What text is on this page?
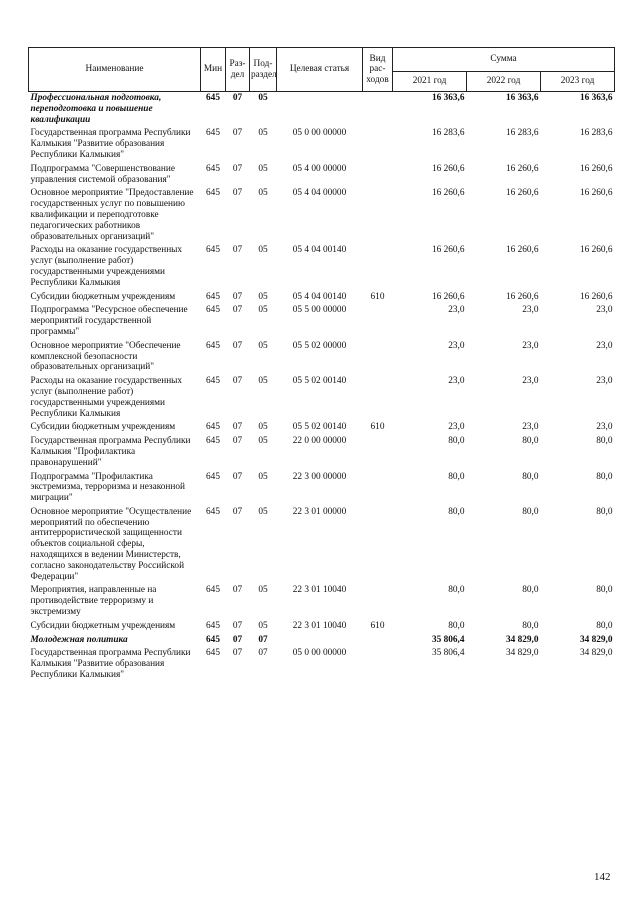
Наименование	Мин	Раз-дел	Под-раздел	Целевая статья	Вид рас-ходов	Сумма		
						2021 год	2022 год	2023 год
Профессиональная подготовка, переподготовка и повышение квалификации	645	07	05			16 363,6	16 363,6	16 363,6
Государственная программа Республики Калмыкия "Развитие образования Республики Калмыкия"	645	07	05	05 0 00 00000		16 283,6	16 283,6	16 283,6
Подпрограмма "Совершенствование управления системой образования"	645	07	05	05 4 00 00000		16 260,6	16 260,6	16 260,6
Основное мероприятие "Предоставление государственных услуг по повышению квалификации и переподготовке педагогических работников образовательных организаций"	645	07	05	05 4 04 00000		16 260,6	16 260,6	16 260,6
Расходы на оказание государственных услуг (выполнение работ) государственными учреждениями Республики Калмыкия	645	07	05	05 4 04 00140		16 260,6	16 260,6	16 260,6
Субсидии бюджетным учреждениям	645	07	05	05 4 04 00140	610	16 260,6	16 260,6	16 260,6
Подпрограмма "Ресурсное обеспечение мероприятий государственной программы"	645	07	05	05 5 00 00000		23,0	23,0	23,0
Основное мероприятие "Обеспечение комплексной безопасности образовательных организаций"	645	07	05	05 5 02 00000		23,0	23,0	23,0
Расходы на оказание государственных услуг (выполнение работ) государственными учреждениями Республики Калмыкия	645	07	05	05 5 02 00140		23,0	23,0	23,0
Субсидии бюджетным учреждениям	645	07	05	05 5 02 00140	610	23,0	23,0	23,0
Государственная программа Республики Калмыкия "Профилактика правонарушений"	645	07	05	22 0 00 00000		80,0	80,0	80,0
Подпрограмма "Профилактика экстремизма, терроризма и незаконной миграции"	645	07	05	22 3 00 00000		80,0	80,0	80,0
Основное мероприятие "Осуществление мероприятий по обеспечению антитеррористической защищенности объектов социальной сферы, находящихся в ведении Министерств, согласно законодательству Российской Федерации"	645	07	05	22 3 01 00000		80,0	80,0	80,0
Мероприятия, направленные на противодействие терроризму и экстремизму	645	07	05	22 3 01 10040		80,0	80,0	80,0
Субсидии бюджетным учреждениям	645	07	05	22 3 01 10040	610	80,0	80,0	80,0
Молодежная политика	645	07	07			35 806,4	34 829,0	34 829,0
Государственная программа Республики Калмыкия "Развитие образования Республики Калмыкия"	645	07	07	05 0 00 00000		35 806,4	34 829,0	34 829,0
142
